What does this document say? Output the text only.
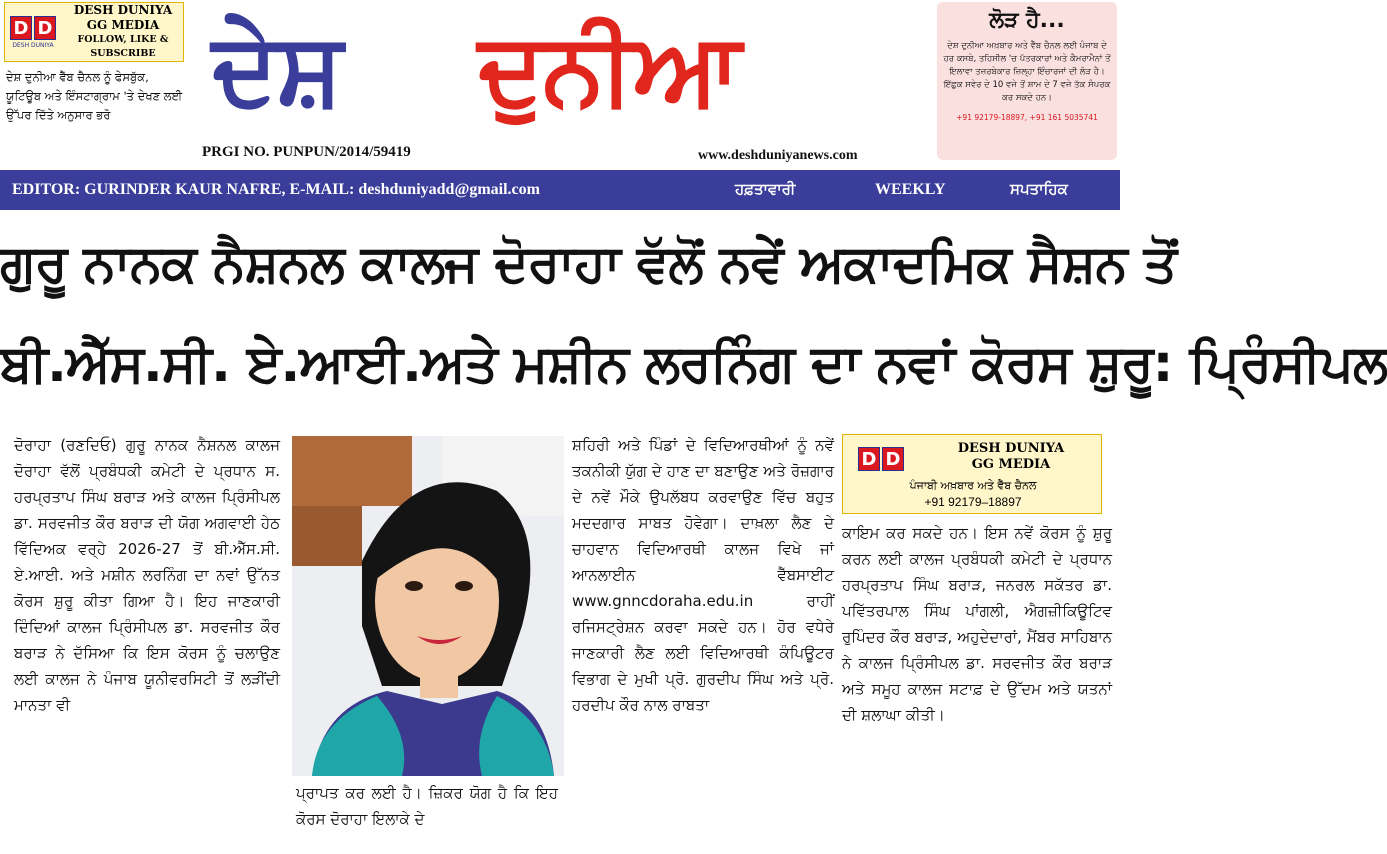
D D
DESH DUNIYA
DESH DUNIYA
GG MEDIA
FOLLOW, LIKE & SUBSCRIBE
ਦੇਸ਼ ਦੁਨੀਆ ਵੈੱਬ ਚੈਨਲ ਨੂੰ ਫੇਸਬੁੱਕ, ਯੂਟਿਊਬ ਅਤੇ ਇੰਸਟਾਗ੍ਰਾਮ 'ਤੇ ਦੇਖਣ ਲਈ ਉੱਪਰ ਦਿੱਤੇ ਅਨੁਸਾਰ ਭਰੋ	ਦੇਸ਼ ਦੁਨੀਆ
PRGI NO. PUNPUN/2014/59419	www.deshduniyanews.com
ਲੋੜ ਹੈ...
ਦੇਸ਼ ਦੁਨੀਆ ਅਖ਼ਬਾਰ ਅਤੇ ਵੈੱਬ ਚੈਨਲ ਲਈ ਪੰਜਾਬ ਦੇ ਹਰ ਕਸਬੇ, ਤਹਿਸੀਲ 'ਚ ਪੱਤਰਕਾਰਾਂ ਅਤੇ ਕੈਮਰਾਮੈਨਾਂ ਤੋਂ ਇਲਾਵਾ ਤਜ਼ਰਬੇਕਾਰ ਜ਼ਿਲ੍ਹਾ ਇੰਚਾਰਜਾਂ ਦੀ ਲੋੜ ਹੈ। ਇੱਛੁਕ ਸਵੇਰ ਦੇ 10 ਵਜੇ ਤੋਂ ਸ਼ਾਮ ਦੇ 7 ਵਜੇ ਤੱਕ ਸੰਪਰਕ ਕਰ ਸਕਦੇ ਹਨ।
+91 92179-18897, +91 161 5035741
EDITOR: GURINDER KAUR NAFRE, E-MAIL: deshduniyadd@gmail.com	ਹਫ਼ਤਾਵਾਰੀ	WEEKLY	ਸਪਤਾਹਿਕ
ਗੁਰੂ ਨਾਨਕ ਨੈਸ਼ਨਲ ਕਾਲਜ ਦੋਰਾਹਾ ਵੱਲੋਂ ਨਵੇਂ ਅਕਾਦਮਿਕ ਸੈਸ਼ਨ ਤੋਂ
ਬੀ.ਐੱਸ.ਸੀ. ਏ.ਆਈ.ਅਤੇ ਮਸ਼ੀਨ ਲਰਨਿੰਗ ਦਾ ਨਵਾਂ ਕੋਰਸ ਸ਼ੁਰੂ: ਪ੍ਰਿੰਸੀਪਲ
ਦੋਰਾਹਾ (ਰਣਦਿਓ) ਗੁਰੂ ਨਾਨਕ ਨੈਸ਼ਨਲ ਕਾਲਜ ਦੋਰਾਹਾ ਵੱਲੋਂ ਪ੍ਰਬੰਧਕੀ ਕਮੇਟੀ ਦੇ ਪ੍ਰਧਾਨ ਸ. ਹਰਪ੍ਰਤਾਪ ਸਿੰਘ ਬਰਾੜ ਅਤੇ ਕਾਲਜ ਪ੍ਰਿੰਸੀਪਲ ਡਾ. ਸਰਵਜੀਤ ਕੌਰ ਬਰਾੜ ਦੀ ਯੋਗ ਅਗਵਾਈ ਹੇਠ ਵਿੱਦਿਅਕ ਵਰ੍ਹੇ 2026-27 ਤੋਂ ਬੀ.ਐੱਸ.ਸੀ. ਏ.ਆਈ. ਅਤੇ ਮਸ਼ੀਨ ਲਰਨਿੰਗ ਦਾ ਨਵਾਂ ਉੱਨਤ ਕੋਰਸ ਸ਼ੁਰੂ ਕੀਤਾ ਗਿਆ ਹੈ। ਇਹ ਜਾਣਕਾਰੀ ਦਿੰਦਿਆਂ ਕਾਲਜ ਪ੍ਰਿੰਸੀਪਲ ਡਾ. ਸਰਵਜੀਤ ਕੌਰ ਬਰਾੜ ਨੇ ਦੱਸਿਆ ਕਿ ਇਸ ਕੋਰਸ ਨੂੰ ਚਲਾਉਣ ਲਈ ਕਾਲਜ ਨੇ ਪੰਜਾਬ ਯੂਨੀਵਰਸਿਟੀ ਤੋਂ ਲੜੀਂਦੀ ਮਾਨਤਾ ਵੀ
ਪ੍ਰਾਪਤ ਕਰ ਲਈ ਹੈ। ਜ਼ਿਕਰ ਯੋਗ ਹੈ ਕਿ ਇਹ ਕੋਰਸ ਦੋਰਾਹਾ ਇਲਾਕੇ ਦੇ
ਸ਼ਹਿਰੀ ਅਤੇ ਪਿੰਡਾਂ ਦੇ ਵਿਦਿਆਰਥੀਆਂ ਨੂੰ ਨਵੇਂ ਤਕਨੀਕੀ ਯੁੱਗ ਦੇ ਹਾਣ ਦਾ ਬਣਾਉਣ ਅਤੇ ਰੋਜ਼ਗਾਰ ਦੇ ਨਵੇਂ ਮੌਕੇ ਉਪਲੱਬਧ ਕਰਵਾਉਣ ਵਿੱਚ ਬਹੁਤ ਮਦਦਗਾਰ ਸਾਬਤ ਹੋਵੇਗਾ। ਦਾਖ਼ਲਾ ਲੈਣ ਦੇ ਚਾਹਵਾਨ ਵਿਦਿਆਰਥੀ ਕਾਲਜ ਵਿਖੇ ਜਾਂ ਆਨਲਾਈਨ ਵੈੱਬਸਾਈਟ www.gnncdoraha.edu.in ਰਾਹੀਂ ਰਜਿਸਟ੍ਰੇਸ਼ਨ ਕਰਵਾ ਸਕਦੇ ਹਨ। ਹੋਰ ਵਧੇਰੇ ਜਾਣਕਾਰੀ ਲੈਣ ਲਈ ਵਿਦਿਆਰਥੀ ਕੰਪਿਊਟਰ ਵਿਭਾਗ ਦੇ ਮੁਖੀ ਪ੍ਰੋ. ਗੁਰਦੀਪ ਸਿੰਘ ਅਤੇ ਪ੍ਰੋ. ਹਰਦੀਪ ਕੌਰ ਨਾਲ ਰਾਬਤਾ
D D
DESH DUNIYA
GG MEDIA
ਪੰਜਾਬੀ ਅਖ਼ਬਾਰ ਅਤੇ ਵੈੱਬ ਚੈਨਲ
+91 92179–18897
ਕਾਇਮ ਕਰ ਸਕਦੇ ਹਨ। ਇਸ ਨਵੇਂ ਕੋਰਸ ਨੂੰ ਸ਼ੁਰੂ ਕਰਨ ਲਈ ਕਾਲਜ ਪ੍ਰਬੰਧਕੀ ਕਮੇਟੀ ਦੇ ਪ੍ਰਧਾਨ ਹਰਪ੍ਰਤਾਪ ਸਿੰਘ ਬਰਾੜ, ਜਨਰਲ ਸਕੱਤਰ ਡਾ. ਪਵਿੱਤਰਪਾਲ ਸਿੰਘ ਪਾਂਗਲੀ, ਐਗਜ਼ੀਕਿਊਟਿਵ ਰੁਪਿੰਦਰ ਕੌਰ ਬਰਾੜ, ਅਹੁਦੇਦਾਰਾਂ, ਮੈਂਬਰ ਸਾਹਿਬਾਨ ਨੇ ਕਾਲਜ ਪ੍ਰਿੰਸੀਪਲ ਡਾ. ਸਰਵਜੀਤ ਕੌਰ ਬਰਾੜ ਅਤੇ ਸਮੂਹ ਕਾਲਜ ਸਟਾਫ਼ ਦੇ ਉੱਦਮ ਅਤੇ ਯਤਨਾਂ ਦੀ ਸ਼ਲਾਘਾ ਕੀਤੀ।
